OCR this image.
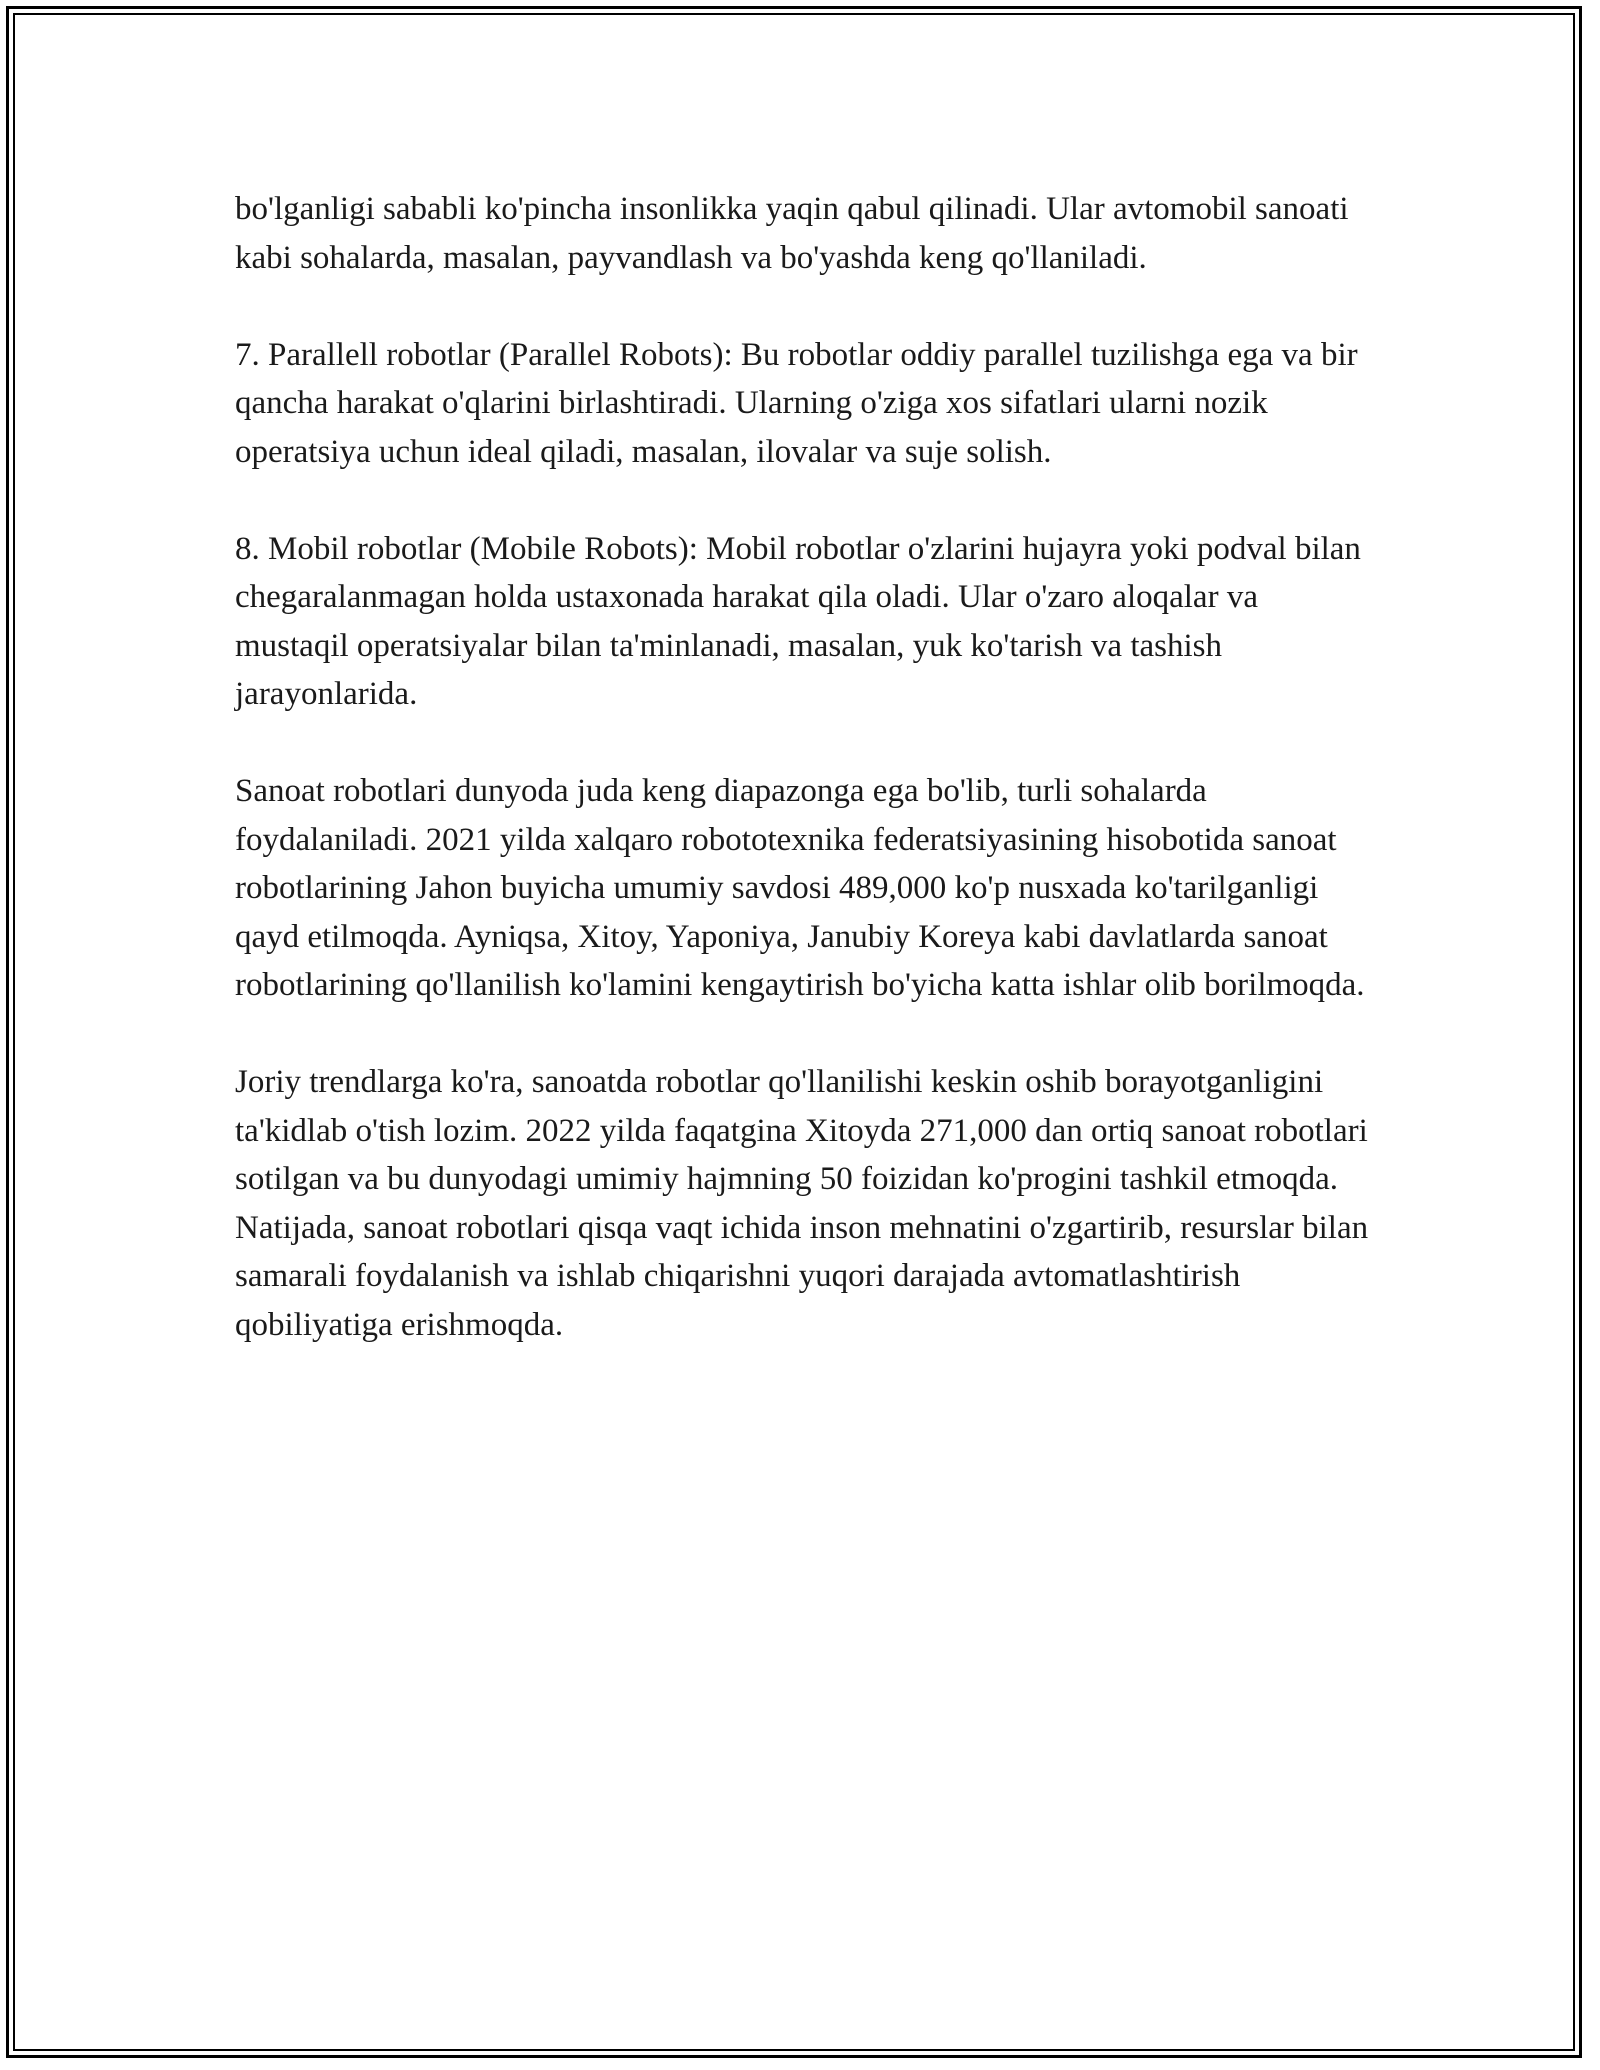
bo'lganligi sababli ko'pincha insonlikka yaqin qabul qilinadi. Ular avtomobil sanoati kabi sohalarda, masalan, payvandlash va bo'yashda keng qo'llaniladi.

7. Parallell robotlar (Parallel Robots): Bu robotlar oddiy parallel tuzilishga ega va bir qancha harakat o'qlarini birlashtiradi. Ularning o'ziga xos sifatlari ularni nozik operatsiya uchun ideal qiladi, masalan, ilovalar va suje solish.

8. Mobil robotlar (Mobile Robots): Mobil robotlar o'zlarini hujayra yoki podval bilan chegaralanmagan holda ustaxonada harakat qila oladi. Ular o'zaro aloqalar va mustaqil operatsiyalar bilan ta'minlanadi, masalan, yuk ko'tarish va tashish jarayonlarida.

Sanoat robotlari dunyoda juda keng diapazonga ega bo'lib, turli sohalarda foydalaniladi. 2021 yilda xalqaro robototexnika federatsiyasining hisobotida sanoat robotlarining Jahon buyicha umumiy savdosi 489,000 ko'p nusxada ko'tarilganligi qayd etilmoqda. Ayniqsa, Xitoy, Yaponiya, Janubiy Koreya kabi davlatlarda sanoat robotlarining qo'llanilish ko'lamini kengaytirish bo'yicha katta ishlar olib borilmoqda.

Joriy trendlarga ko'ra, sanoatda robotlar qo'llanilishi keskin oshib borayotganligini ta'kidlab o'tish lozim. 2022 yilda faqatgina Xitoyda 271,000 dan ortiq sanoat robotlari sotilgan va bu dunyodagi umimiy hajmning 50 foizidan ko'progini tashkil etmoqda. Natijada, sanoat robotlari qisqa vaqt ichida inson mehnatini o'zgartirib, resurslar bilan samarali foydalanish va ishlab chiqarishni yuqori darajada avtomatlashtirish qobiliyatiga erishmoqda.
